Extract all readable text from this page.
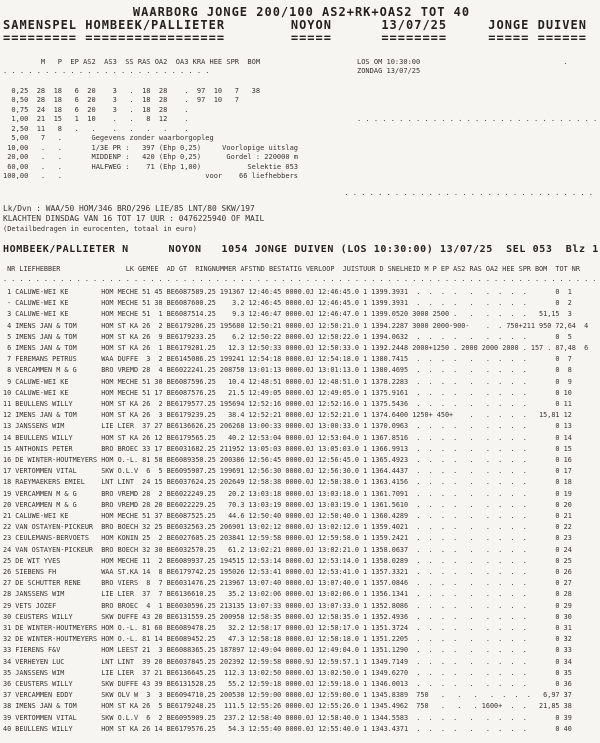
WAARBORG JONGE 200/100 AS2+RK+OAS2 TOT 40
SAMENSPEL HOMBEEK/PALLIETER        NOYON      13/07/25     JONGE DUIVEN
========= =================        =====      ========     ===== ======
M   P  EP AS2  AS3  SS RAS OA2  OA3 KRA HEE SPR  BOM                       LOS OM 10:30:00                                  .
. . . . . . . . . . . . . . . . . . . . . . . . .                                   ZONDAG 13/07/25
0,25  28  18   6  20    3   .  18  28    .  97  10   7   38
0,50  28  18   6  20    3   .  18  28    .  97  10   7
0,75  24  18   6  20    3   .  18  28    .
1,00  21  15   1  10    .   .   8  12    .                                        . . . . . . . . . . . . . . . . . . . . . . . . . . . . .
2,50  11   8   .   .    .   .   .   .    .
5,00   7   .       Gegevens zonder waarborgopleg
10,00   .   .       1/3E PR :   397 (Ehp 0,25)     Voorlopige uitslag
20,00   .   .       MIDDENP :   420 (Ehp 0,25)      Gordel : 220000 m
60,00   .   .       HALFWEG :    71 (Ehp 1,00)           Selektie 053
100,00   .   .                                  voor    66 liefhebbers
. . . . . . . . . . . . . . . . . . . . . . . . . . . . . .
Lk/Dvn : WAA/50 HOM/346 BRO/296 LIE/85 LNT/80 SKW/197
KLACHTEN DINSDAG VAN 16 TOT 17 UUR : 0476225940 OF MAIL
(Detailbedragen in eurocenten, totaal in euro)
HOMBEEK/PALLIETER N      NOYON   1054 JONGE DUIVEN (LOS 10:30:00) 13/07/25  SEL 053  Blz 1
NR LIEFHEBBER                LK GEMEE  AD GT  RINGNUMMER AFSTND BESTATIG VERLOOP  JUISTUUR D SNELHEID M P EP AS2 RAS OA2 HEE SPR BOM  TOT NR
. . . . . . . . . . . . . . . . . . . . . . . . . . . . . . . . . . . . . . . . . . . . . . . . . . . . . . . . . . . . . . . . . . . . . . . . .
1 CALUWE-WEI KE        HOM MECHE 51 45 BE6087589.25 191367 12:46:45 0000.0J 12:46:45.0 1 1399.3931  .  .  .  .   .   .  .  .  .       0  1
- CALUWE-WEI KE        HOM MECHE 51 38 BE6087600.25    3.2 12:46:45 0000.0J 12:46:45.0 1 1399.3931  .  .  .  .   .   .  .  .  .       0  2
3 CALUWE-WEI KE        HOM MECHE 51  1 BE6087514.25    9.3 12:46:47 0000.0J 12:46:47.0 1 1399.0520 3000 2500 .   .   .  .  .  .   51,15  3
4 IMENS JAN & TOM      HOM ST KA 26  2 BE6179206.25 195680 12:50:21 0000.0J 12:50:21.0 1 1394.2287 3000 2000-900-    .  . 750+211 950 72,64  4
5 IMENS JAN & TOM      HOM ST KA 26  9 BE6179233.25    6.2 12:50:22 0000.0J 12:50:22.0 1 1394.0632  .  .  .  .   .   .  .  .  .       0  5
6 IMENS JAN & TOM      HOM ST KA 26  1 BE6179201.25   12.3 12:50:33 0000.0J 12:50:33.0 1 1392.2448 2000+1250 . 2000 2000 2000 . 157 . 87,48  6
7 FEREMANS PETRUS      WAA DUFFE  3  2 BE6145086.25 199241 12:54:18 0000.0J 12:54:18.0 1 1380.7415  .  .  .  .   .   .  .  .  .       0  7
8 VERCAMMEN M & G      BRO VREMD 28  4 BE6022241.25 208750 13:01:13 0000.0J 13:01:13.0 1 1380.4695  .  .  .  .   .   .  .  .  .       0  8
9 CALUWE-WEI KE        HOM MECHE 51 30 BE6087596.25   10.4 12:48:51 0000.0J 12:48:51.0 1 1378.2283  .  .  .  .   .   .  .  .  .       0  9
10 CALUWE-WEI KE        HOM MECHE 51 17 BE6087576.25   21.5 12:49:05 0000.0J 12:49:05.0 1 1375.9161  .  .  .  .   .   .  .  .  .       0 10
11 BEULLENS WILLY       HOM ST KA 26  2 BE6179577.25 195694 12:52:16 0000.0J 12:52:16.0 1 1375.5436  .  .  .  .   .   .  .  .  .       0 11
12 IMENS JAN & TOM      HOM ST KA 26  3 BE6179239.25   38.4 12:52:21 0000.0J 12:52:21.0 1 1374.6400 1250+ 450+    .   .  .  .  .   15,81 12
13 JANSSENS WIM         LIE LIER  37 27 BE6136626.25 206268 13:00:33 0000.0J 13:00:33.0 1 1370.0963  .  .  .  .   .   .  .  .  .       0 13
14 BEULLENS WILLY       HOM ST KA 26 12 BE6179565.25   40.2 12:53:04 0000.0J 12:53:04.0 1 1367.8516  .  .  .  .   .   .  .  .  .       0 14
15 ANTHONIS PETER       BRO BROEC 33 17 BE6031682.25 211952 13:05:03 0000.0J 13:05:03.0 1 1366.9913  .  .  .  .   .   .  .  .  .       0 15
16 DE WINTER-HOUTMEYERS HOM O.-L. 81 58 BE6089350.25 200386 12:56:45 0000.0J 12:56:45.0 1 1365.4923  .  .  .  .   .   .  .  .  .       0 16
17 VERTOMMEN VITAL      SKW O.L.V  6  5 BE6095907.25 199691 12:56:30 0000.0J 12:56:30.0 1 1364.4437  .  .  .  .   .   .  .  .  .       0 17
18 RAEYMAEKERS EMIEL    LNT LINT  24 15 BE6037624.25 202649 12:58:38 0000.0J 12:58:38.0 1 1363.4156  .  .  .  .   .   .  .  .  .       0 18
19 VERCAMMEN M & G      BRO VREMD 28  2 BE6022249.25   20.2 13:03:18 0000.0J 13:03:18.0 1 1361.7091  .  .  .  .   .   .  .  .  .       0 19
20 VERCAMMEN M & G      BRO VREMD 28 20 BE6022229.25   70.3 13:03:19 0000.0J 13:03:19.0 1 1361.5610  .  .  .  .   .   .  .  .  .       0 20
21 CALUWE-WEI KE        HOM MECHE 51 37 BE6087525.25   44.6 12:50:40 0000.0J 12:50:40.0 1 1360.4289  .  .  .  .   .   .  .  .  .       0 21
22 VAN OSTAYEN-PICKEUR  BRO BOECH 32 25 BE6032563.25 206901 13:02:12 0000.0J 13:02:12.0 1 1359.4021  .  .  .  .   .   .  .  .  .       0 22
23 CEULEMANS-BERVOETS   HOM KONIN 25  2 BE6027605.25 203841 12:59:58 0000.0J 12:59:58.0 1 1359.2421  .  .  .  .   .   .  .  .  .       0 23
24 VAN OSTAYEN-PICKEUR  BRO BOECH 32 30 BE6032570.25   61.2 13:02:21 0000.0J 13:02:21.0 1 1358.0637  .  .  .  .   .   .  .  .  .       0 24
25 DE WIT YVES          HOM MECHE 11  2 BE6089937.25 194515 12:53:14 0000.0J 12:53:14.0 1 1358.0289  .  .  .  .   .   .  .  .  .       0 25
26 SIEBENS FH           WAA ST.KA 14  8 BE6179742.25 195026 12:53:41 0000.0J 12:53:41.0 1 1357.3321  .  .  .  .   .   .  .  .  .       0 26
27 DE SCHUTTER RENE     BRO VIERS  8  7 BE6031476.25 213967 13:07:40 0000.0J 13:07:40.0 1 1357.0846  .  .  .  .   .   .  .  .  .       0 27
28 JANSSENS WIM         LIE LIER  37  7 BE6136610.25   35.2 13:02:06 0000.0J 13:02:06.0 1 1356.1341  .  .  .  .   .   .  .  .  .       0 28
29 VETS JOZEF           BRO BROEC  4  1 BE6030596.25 213135 13:07:33 0000.0J 13:07:33.0 1 1352.8086  .  .  .  .   .   .  .  .  .       0 29
30 CEUSTERS WILLY       SKW DUFFE 43 20 BE6131559.25 200958 12:58:35 0000.0J 12:58:35.0 1 1352.4936  .  .  .  .   .   .  .  .  .       0 30
31 DE WINTER-HOUTMEYERS HOM O.-L. 81 60 BE6089478.25   32.2 12:58:17 0000.0J 12:58:17.0 1 1351.3724  .  .  .  .   .   .  .  .  .       0 31
32 DE WINTER-HOUTMEYERS HOM O.-L. 81 14 BE6089452.25   47.3 12:58:18 0000.0J 12:58:18.0 1 1351.2205  .  .  .  .   .   .  .  .  .       0 32
33 FIERENS F&V          HOM LEEST 21  3 BE6088365.25 187897 12:49:04 0000.0J 12:49:04.0 1 1351.1290  .  .  .  .   .   .  .  .  .       0 33
34 VERHEYEN LUC         LNT LINT  39 20 BE6037845.25 202392 12:59:58 0000.9J 12:59:57.1 1 1349.7149  .  .  .  .   .   .  .  .  .       0 34
35 JANSSENS WIM         LIE LIER  37 21 BE6136645.25  112.3 13:02:50 0000.0J 13:02:50.0 1 1349.6270  .  .  .  .   .   .  .  .  .       0 35
36 CEUSTERS WILLY       SKW DUFFE 43 39 BE6131528.25   55.2 12:59:18 0000.0J 12:59:18.0 1 1346.0013  .  .  .  .   .   .  .  .  .       0 36
37 VERCAMMEN EDDY       SKW OLV W  3  3 BE6094710.25 200530 12:59:00 0000.0J 12:59:00.0 1 1345.8389  750   .   .   .   .  .  .  .   6,97 37
38 IMENS JAN & TOM      HOM ST KA 26  5 BE6179248.25  111.5 12:55:26 0000.0J 12:55:26.0 1 1345.4962  750   .   .   . 1600+  .  .   21,85 38
39 VERTOMMEN VITAL      SKW O.L.V  6  2 BE6095909.25  237.2 12:58:40 0000.0J 12:58:40.0 1 1344.5583  .  .  .  .   .   .  .  .  .       0 39
40 BEULLENS WILLY       HOM ST KA 26 14 BE6179576.25   54.3 12:55:40 0000.0J 12:55:40.0 1 1343.4371  .  .  .  .   .   .  .  .  .       0 40
